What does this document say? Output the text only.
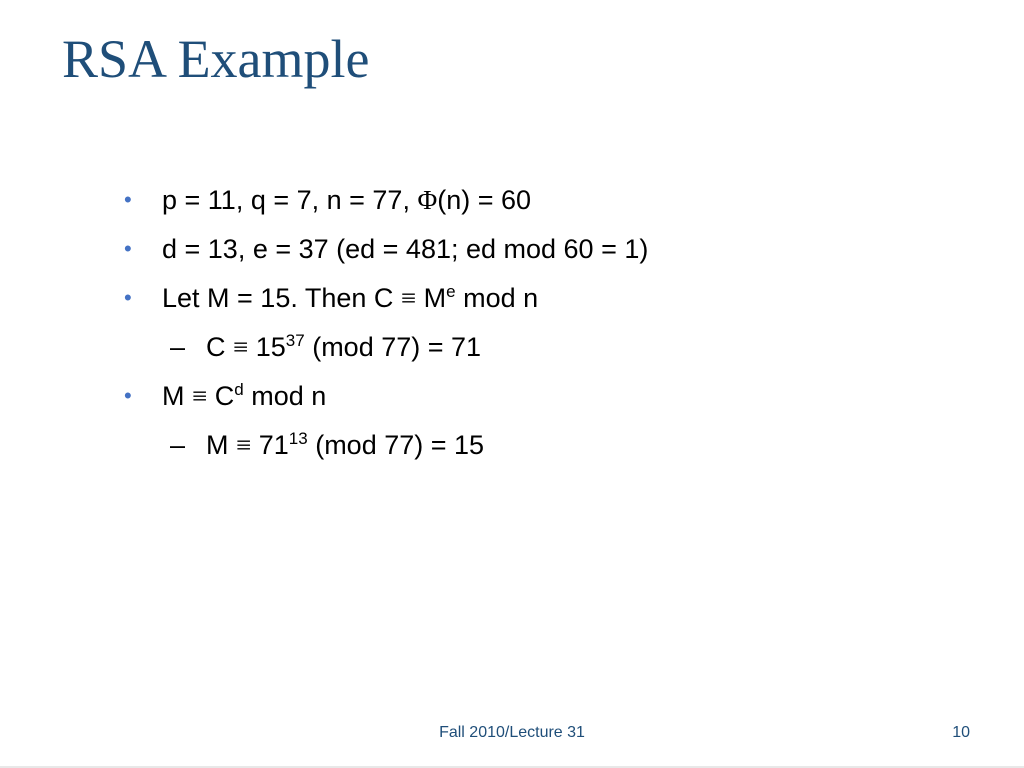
RSA Example
• p = 11, q = 7, n = 77, Φ(n) = 60
• d = 13, e = 37 (ed = 481; ed mod 60 = 1)
• Let M = 15. Then $C \equiv M^e$ mod n
– $C \equiv 15^{37}$ (mod 77) = 71
• $M \equiv C^d$ mod n
– $M \equiv 71^{13}$ (mod 77) = 15
Fall 2010/Lecture 31	10
